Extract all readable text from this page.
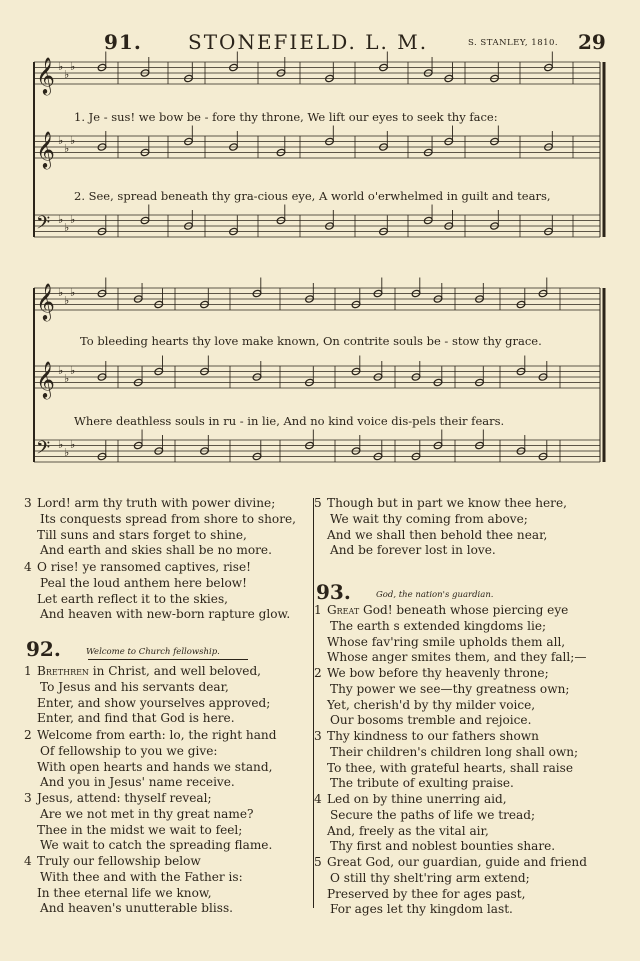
91. STONEFIELD. L. M.	S. STANLEY, 1810. 29
𝄞 ♭
♭
♭
𝄞 ♭
♭
♭
𝄢 ♭
♭
♭
𝄞 ♭
♭
♭
𝄞 ♭
♭
♭
𝄢 ♭
♭
♭
1. Je - sus! we bow be - fore thy throne, We lift our eyes to seek thy face:
2. See, spread beneath thy gra-cious eye, A world o'erwhelmed in guilt and tears,
To bleeding hearts thy love make known, On contrite souls be - stow thy grace.
Where deathless souls in ru - in lie, And no kind voice dis-pels their fears.
3 Lord! arm thy truth with power divine;
Its conquests spread from shore to shore,
Till suns and stars forget to shine,
And earth and skies shall be no more.
4 O rise! ye ransomed captives, rise!
Peal the loud anthem here below!
Let earth reflect it to the skies,
And heaven with new-born rapture glow.
92.	Welcome to Church fellowship.
1 Brethren in Christ, and well beloved,
To Jesus and his servants dear,
Enter, and show yourselves approved;
Enter, and find that God is here.
2 Welcome from earth: lo, the right hand
Of fellowship to you we give:
With open hearts and hands we stand,
And you in Jesus' name receive.
3 Jesus, attend: thyself reveal;
Are we not met in thy great name?
Thee in the midst we wait to feel;
We wait to catch the spreading flame.
4 Truly our fellowship below
With thee and with the Father is:
In thee eternal life we know,
And heaven's unutterable bliss.
5 Though but in part we know thee here,
We wait thy coming from above;
And we shall then behold thee near,
And be forever lost in love.
93.	God, the nation's guardian.
1 Great God! beneath whose piercing eye
The earth s extended kingdoms lie;
Whose fav'ring smile upholds them all,
Whose anger smites them, and they fall;—
2 We bow before thy heavenly throne;
Thy power we see—thy greatness own;
Yet, cherish'd by thy milder voice,
Our bosoms tremble and rejoice.
3 Thy kindness to our fathers shown
Their children's children long shall own;
To thee, with grateful hearts, shall raise
The tribute of exulting praise.
4 Led on by thine unerring aid,
Secure the paths of life we tread;
And, freely as the vital air,
Thy first and noblest bounties share.
5 Great God, our guardian, guide and friend
O still thy shelt'ring arm extend;
Preserved by thee for ages past,
For ages let thy kingdom last.
